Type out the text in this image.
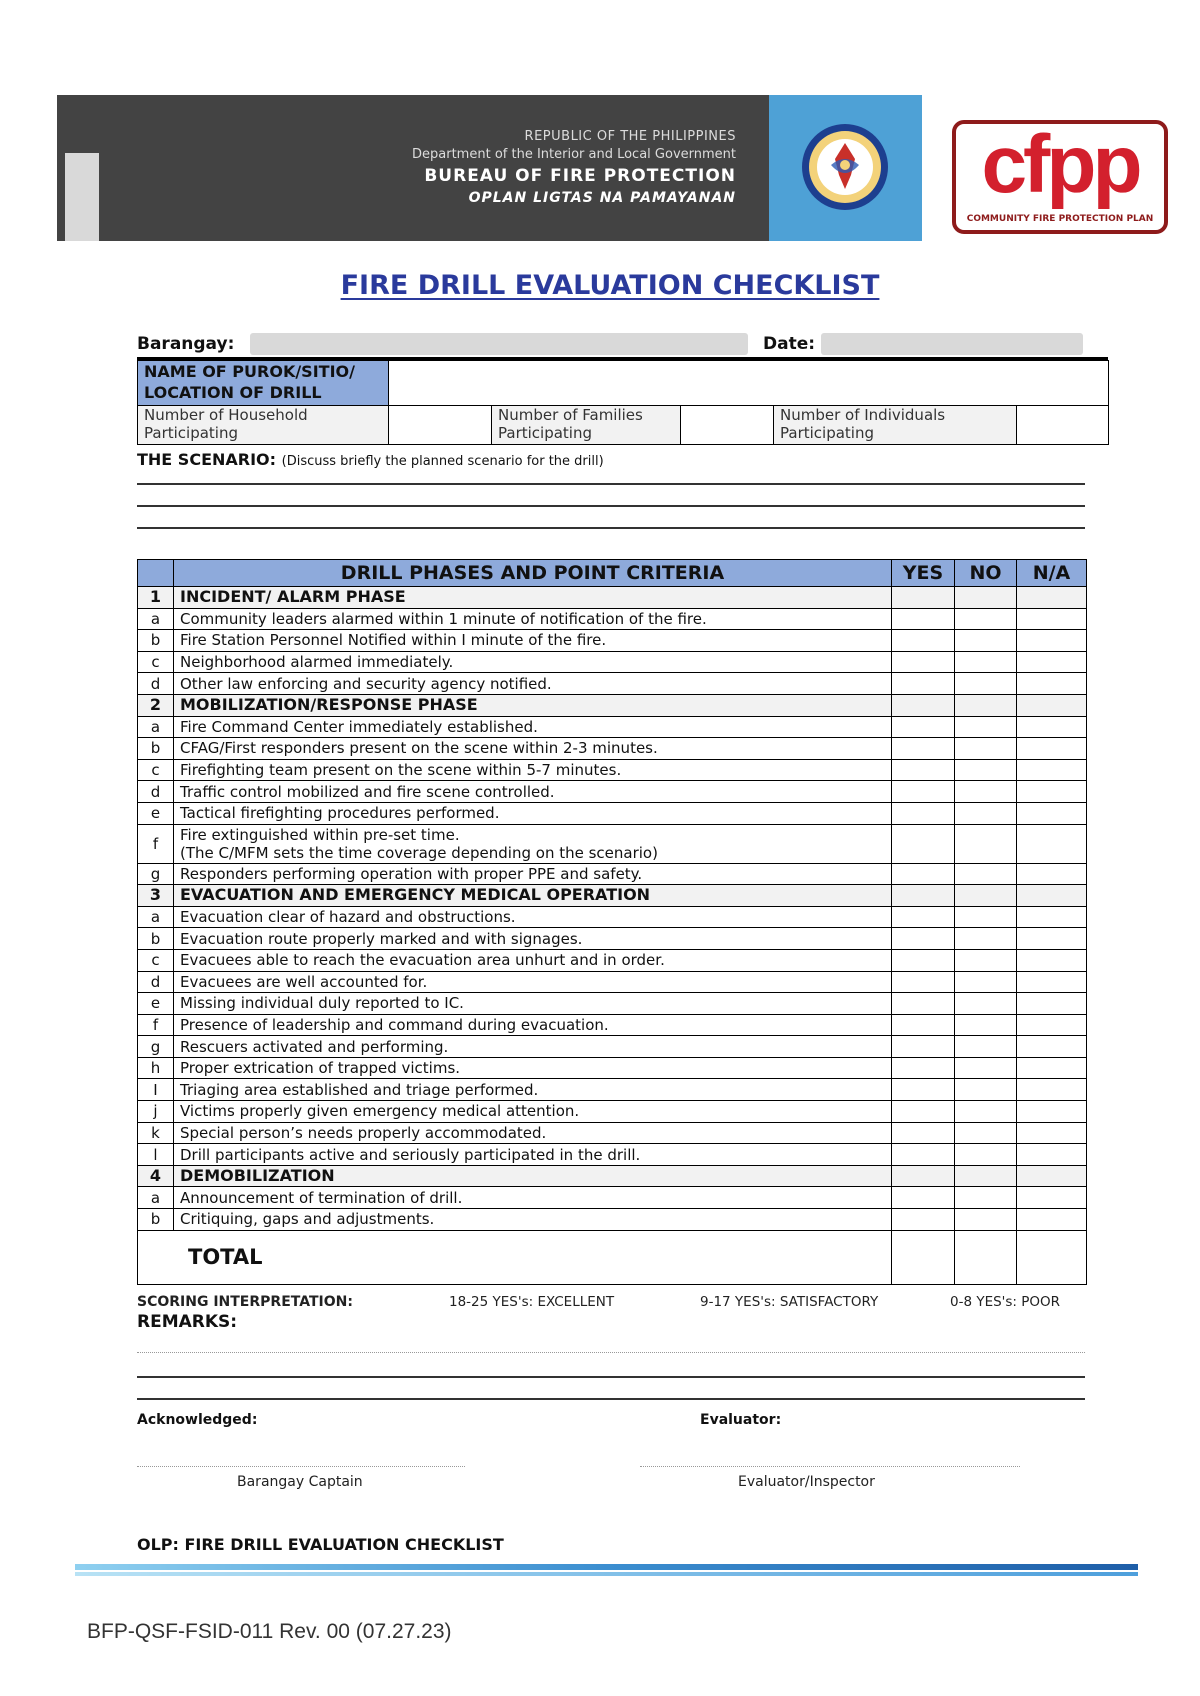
REPUBLIC OF THE PHILIPPINES
Department of the Interior and Local Government
BUREAU OF FIRE PROTECTION
OPLAN LIGTAS NA PAMAYANAN	cfpp
COMMUNITY FIRE PROTECTION PLAN
FIRE DRILL EVALUATION CHECKLIST
Barangay:	Date:
NAME OF PUROK/SITIO/ LOCATION OF DRILL					
Number of Household Participating		Number of Families Participating		Number of Individuals Participating	
THE SCENARIO: (Discuss briefly the planned scenario for the drill)
	DRILL PHASES AND POINT CRITERIA	YES	NO	N/A
1	INCIDENT/ ALARM PHASE			

a	Community leaders alarmed within 1 minute of notification of the fire.			

b	Fire Station Personnel Notified within I minute of the fire.			

c	Neighborhood alarmed immediately.			

d	Other law enforcing and security agency notified.			

2	MOBILIZATION/RESPONSE PHASE			

a	Fire Command Center immediately established.			

b	CFAG/First responders present on the scene within 2-3 minutes.			

c	Firefighting team present on the scene within 5-7 minutes.			

d	Traffic control mobilized and fire scene controlled.			

e	Tactical firefighting procedures performed.			

f	Fire extinguished within pre-set time.
(The C/MFM sets the time coverage depending on the scenario)			

g	Responders performing operation with proper PPE and safety.			

3	EVACUATION AND EMERGENCY MEDICAL OPERATION			

a	Evacuation clear of hazard and obstructions.			

b	Evacuation route properly marked and with signages.			

c	Evacuees able to reach the evacuation area unhurt and in order.			

d	Evacuees are well accounted for.			

e	Missing individual duly reported to IC.			

f	Presence of leadership and command during evacuation.			

g	Rescuers activated and performing.			

h	Proper extrication of trapped victims.			

I	Triaging area established and triage performed.			

j	Victims properly given emergency medical attention.			

k	Special person’s needs properly accommodated.			

l	Drill participants active and seriously participated in the drill.			

4	DEMOBILIZATION			

a	Announcement of termination of drill.			

b	Critiquing, gaps and adjustments.			

TOTAL				
SCORING INTERPRETATION:	18-25 YES's: EXCELLENT	9-17 YES's: SATISFACTORY	0-8 YES's: POOR
REMARKS:
Acknowledged:	Evaluator:
Barangay Captain	Evaluator/Inspector
OLP: FIRE DRILL EVALUATION CHECKLIST
BFP-QSF-FSID-011 Rev. 00 (07.27.23)
